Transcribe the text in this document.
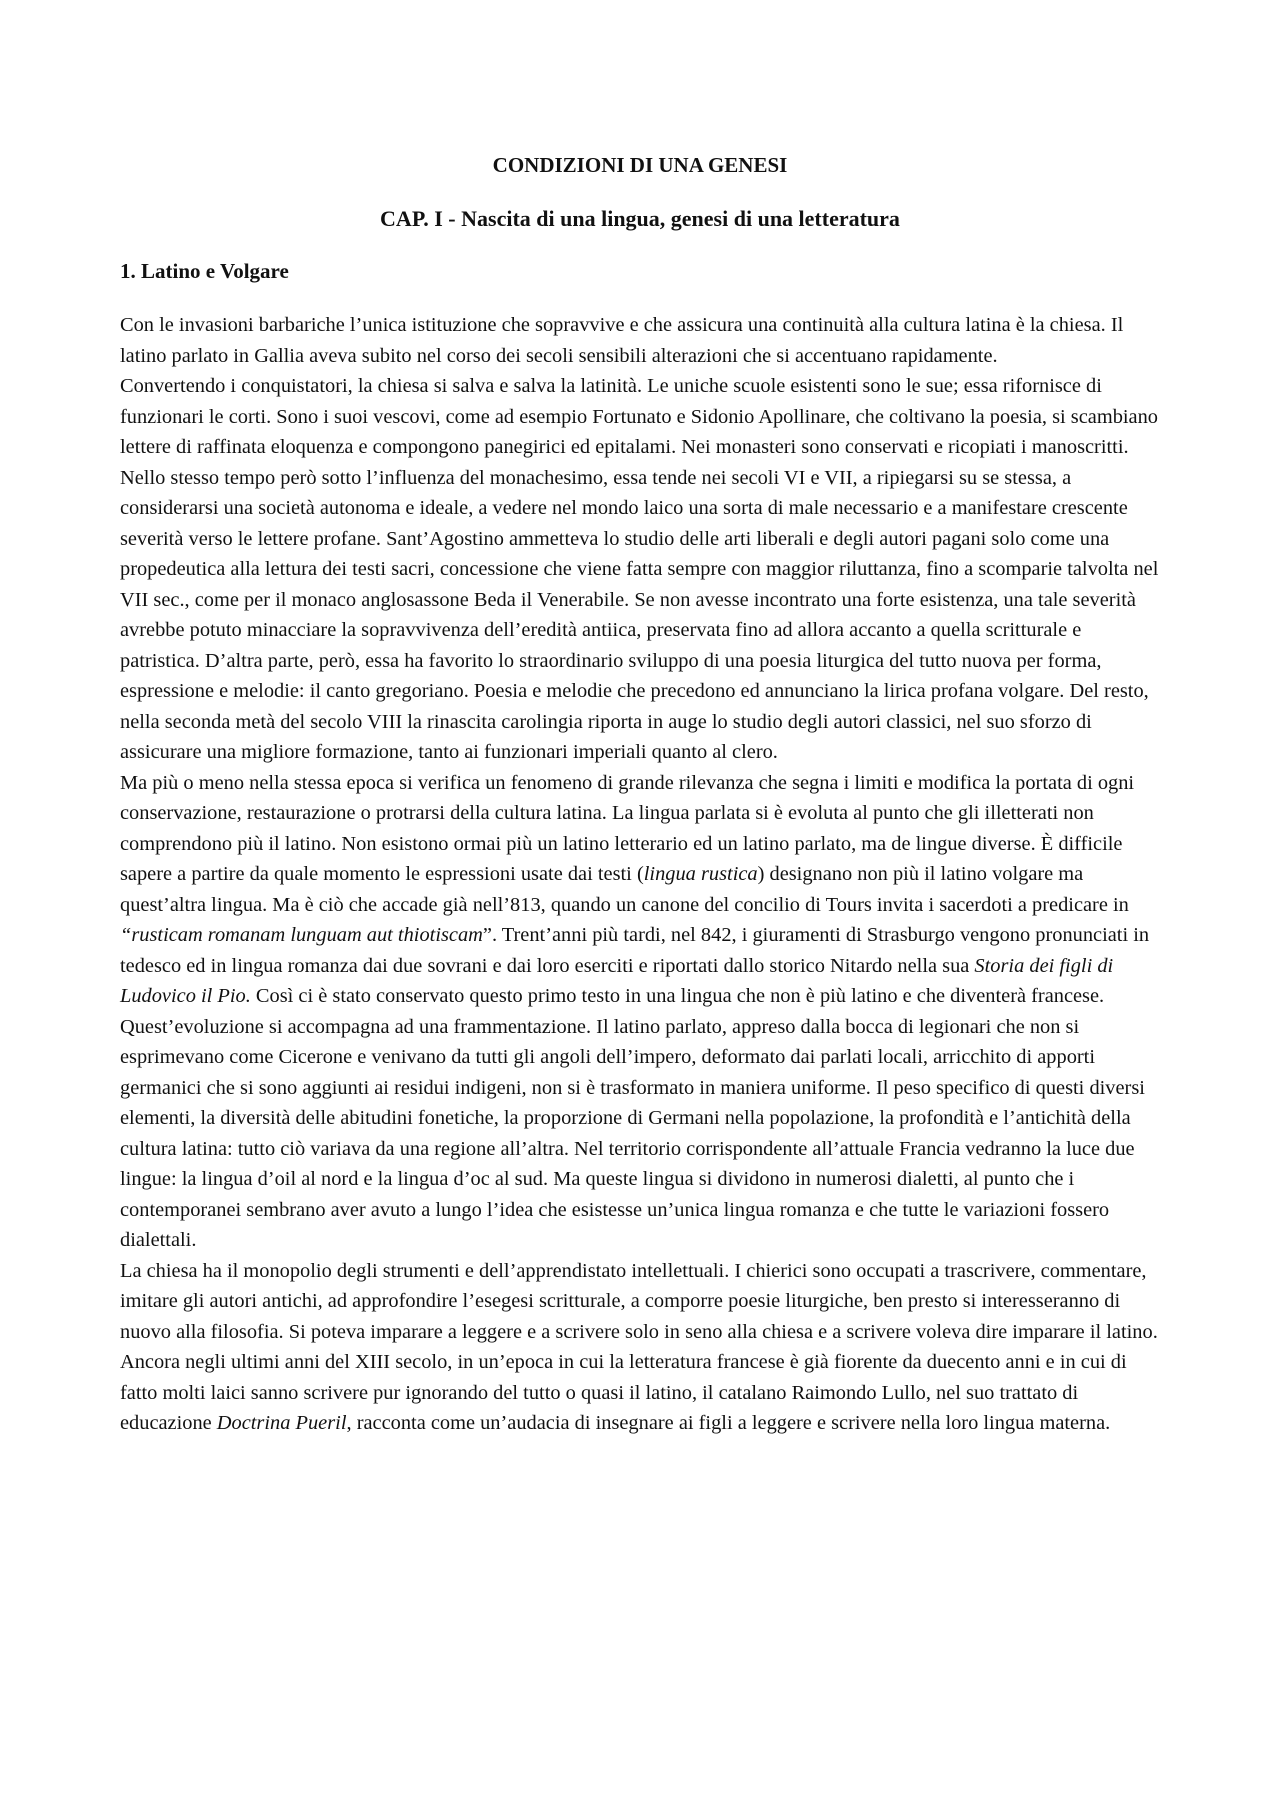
CONDIZIONI DI UNA GENESI
CAP. I - Nascita di una lingua, genesi di una letteratura
1. Latino e Volgare

Con le invasioni barbariche l’unica istituzione che sopravvive e che assicura una continuità alla cultura latina è la chiesa. Il latino parlato in Gallia aveva subito nel corso dei secoli sensibili alterazioni che si accentuano rapidamente.

Convertendo i conquistatori, la chiesa si salva e salva la latinità. Le uniche scuole esistenti sono le sue; essa rifornisce di funzionari le corti. Sono i suoi vescovi, come ad esempio Fortunato e Sidonio Apollinare, che coltivano la poesia, si scambiano lettere di raffinata eloquenza e compongono panegirici ed epitalami. Nei monasteri sono conservati e ricopiati i manoscritti. Nello stesso tempo però sotto l’influenza del monachesimo, essa tende nei secoli VI e VII, a ripiegarsi su se stessa, a considerarsi una società autonoma e ideale, a vedere nel mondo laico una sorta di male necessario e a manifestare crescente severità verso le lettere profane. Sant’Agostino ammetteva lo studio delle arti liberali e degli autori pagani solo come una propedeutica alla lettura dei testi sacri, concessione che viene fatta sempre con maggior riluttanza, fino a scomparie talvolta nel VII sec., come per il monaco anglosassone Beda il Venerabile. Se non avesse incontrato una forte esistenza, una tale severità avrebbe potuto minacciare la sopravvivenza dell’eredità antiica, preservata fino ad allora accanto a quella scritturale e patristica. D’altra parte, però, essa ha favorito lo straordinario sviluppo di una poesia liturgica del tutto nuova per forma, espressione e melodie: il canto gregoriano. Poesia e melodie che precedono ed annunciano la lirica profana volgare. Del resto, nella seconda metà del secolo VIII la rinascita carolingia riporta in auge lo studio degli autori classici, nel suo sforzo di assicurare una migliore formazione, tanto ai funzionari imperiali quanto al clero.

Ma più o meno nella stessa epoca si verifica un fenomeno di grande rilevanza che segna i limiti e modifica la portata di ogni conservazione, restaurazione o protrarsi della cultura latina. La lingua parlata si è evoluta al punto che gli illetterati non comprendono più il latino. Non esistono ormai più un latino letterario ed un latino parlato, ma de lingue diverse. È difficile sapere a partire da quale momento le espressioni usate dai testi (lingua rustica) designano non più il latino volgare ma quest’altra lingua. Ma è ciò che accade già nell’813, quando un canone del concilio di Tours invita i sacerdoti a predicare in “rusticam romanam lunguam aut thiotiscam”. Trent’anni più tardi, nel 842, i giuramenti di Strasburgo vengono pronunciati in tedesco ed in lingua romanza dai due sovrani e dai loro eserciti e riportati dallo storico Nitardo nella sua Storia dei figli di Ludovico il Pio. Così ci è stato conservato questo primo testo in una lingua che non è più latino e che diventerà francese.

Quest’evoluzione si accompagna ad una frammentazione. Il latino parlato, appreso dalla bocca di legionari che non si esprimevano come Cicerone e venivano da tutti gli angoli dell’impero, deformato dai parlati locali, arricchito di apporti germanici che si sono aggiunti ai residui indigeni, non si è trasformato in maniera uniforme. Il peso specifico di questi diversi elementi, la diversità delle abitudini fonetiche, la proporzione di Germani nella popolazione, la profondità e l’antichità della cultura latina: tutto ciò variava da una regione all’altra. Nel territorio corrispondente all’attuale Francia vedranno la luce due lingue: la lingua d’oil al nord e la lingua d’oc al sud. Ma queste lingua si dividono in numerosi dialetti, al punto che i contemporanei sembrano aver avuto a lungo l’idea che esistesse un’unica lingua romanza e che tutte le variazioni fossero dialettali.

La chiesa ha il monopolio degli strumenti e dell’apprendistato intellettuali. I chierici sono occupati a trascrivere, commentare, imitare gli autori antichi, ad approfondire l’esegesi scritturale, a comporre poesie liturgiche, ben presto si interesseranno di nuovo alla filosofia. Si poteva imparare a leggere e a scrivere solo in seno alla chiesa e a scrivere voleva dire imparare il latino. Ancora negli ultimi anni del XIII secolo, in un’epoca in cui la letteratura francese è già fiorente da duecento anni e in cui di fatto molti laici sanno scrivere pur ignorando del tutto o quasi il latino, il catalano Raimondo Lullo, nel suo trattato di educazione Doctrina Pueril, racconta come un’audacia di insegnare ai figli a leggere e scrivere nella loro lingua materna.
